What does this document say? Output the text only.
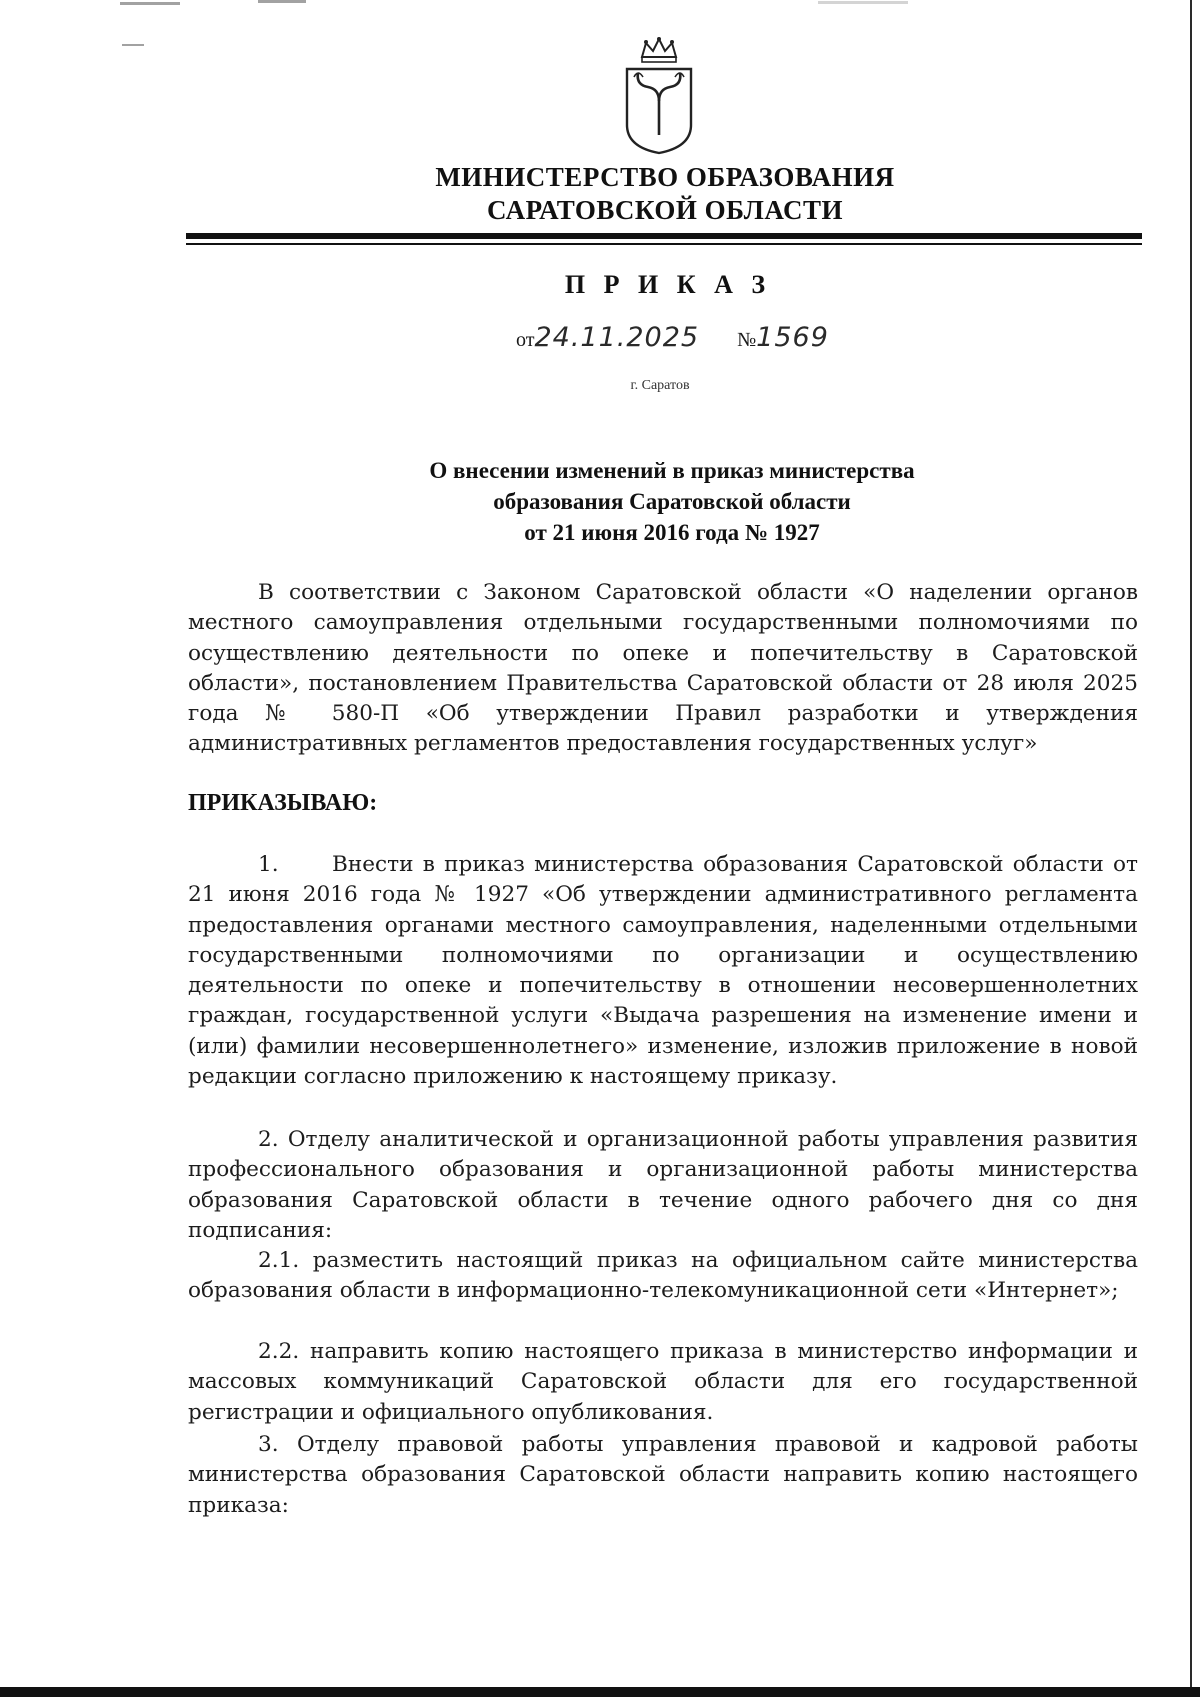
МИНИСТЕРСТВО ОБРАЗОВАНИЯ
САРАТОВСКОЙ ОБЛАСТИ
П Р И К А З
от24.11.2025 №1569
г. Саратов
О внесении изменений в приказ министерства
образования Саратовской области
от 21 июня 2016 года № 1927

В соответствии с Законом Саратовской области «О наделении органов местного самоуправления отдельными государственными полномочиями по осуществлению деятельности по опеке и попечительству в Саратовской области», постановлением Правительства Саратовской области от 28 июля 2025 года № 580-П «Об утверждении Правил разработки и утверждения административных регламентов предоставления государственных услуг»

ПРИКАЗЫВАЮ:

1. Внести в приказ министерства образования Саратовской области от 21 июня 2016 года № 1927 «Об утверждении административного регламента предоставления органами местного самоуправления, наделенными отдельными государственными полномочиями по организации и осуществлению деятельности по опеке и попечительству в отношении несовершеннолетних граждан, государственной услуги «Выдача разрешения на изменение имени и (или) фамилии несовершеннолетнего» изменение, изложив приложение в новой редакции согласно приложению к настоящему приказу.

2. Отделу аналитической и организационной работы управления развития профессионального образования и организационной работы министерства образования Саратовской области в течение одного рабочего дня со дня подписания:

2.1. разместить настоящий приказ на официальном сайте министерства образования области в информационно-телекомуникационной сети «Интернет»;

2.2. направить копию настоящего приказа в министерство информации и массовых коммуникаций Саратовской области для его государственной регистрации и официального опубликования.

3. Отделу правовой работы управления правовой и кадровой работы министерства образования Саратовской области направить копию настоящего приказа:
